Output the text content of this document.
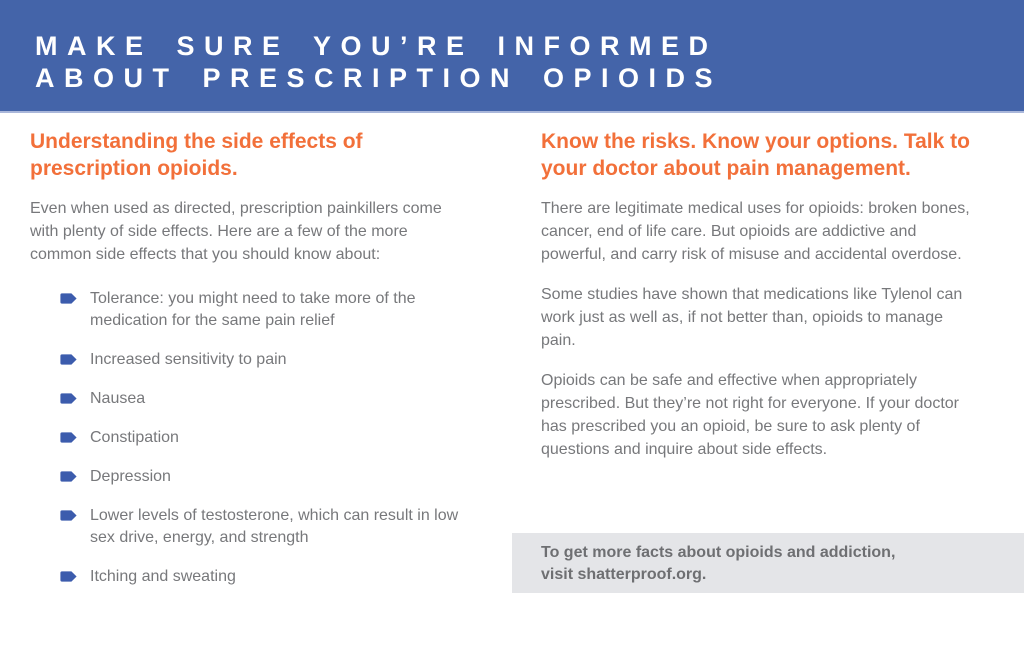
MAKE SURE YOU’RE INFORMED
ABOUT PRESCRIPTION OPIOIDS
Understanding the side effects of prescription opioids.

Even when used as directed, prescription painkillers come with plenty of side effects. Here are a few of the more common side effects that you should know about:

Tolerance: you might need to take more of the medication for the same pain relief
Increased sensitivity to pain
Nausea
Constipation
Depression
Lower levels of testosterone, which can result in low sex drive, energy, and strength
Itching and sweating
Know the risks. Know your options. Talk to your doctor about pain management.

There are legitimate medical uses for opioids: broken bones, cancer, end of life care. But opioids are addictive and powerful, and carry risk of misuse and accidental overdose.

Some studies have shown that medications like Tylenol can work just as well as, if not better than, opioids to manage pain.

Opioids can be safe and effective when appropriately prescribed. But they’re not right for everyone. If your doctor has prescribed you an opioid, be sure to ask plenty of questions and inquire about side effects.

To get more facts about opioids and addiction,
visit shatterproof.org.
